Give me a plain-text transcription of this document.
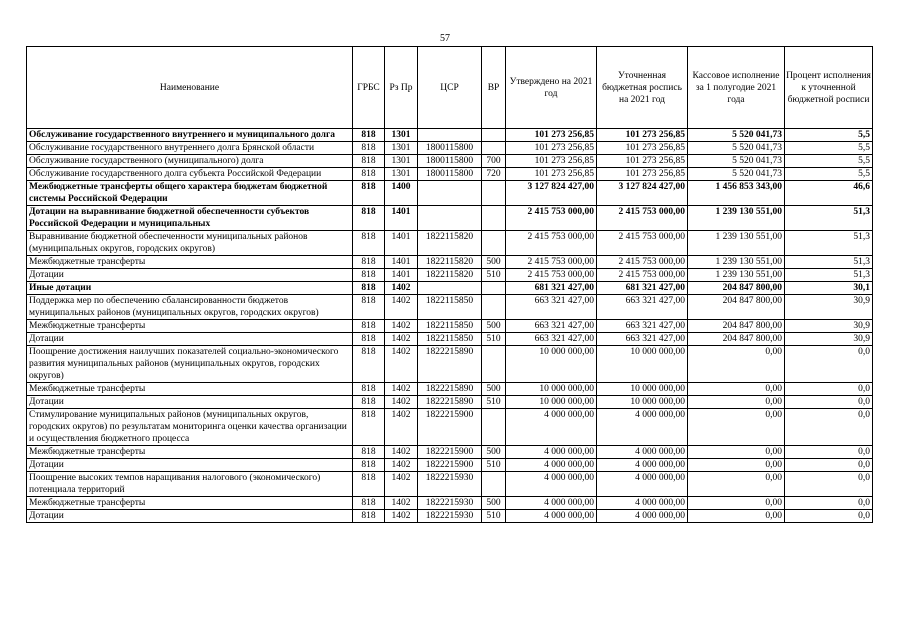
57
Наименование	ГРБС	Рз Пр	ЦСР	ВР	Утверждено на 2021 год	Уточненная бюджетная роспись на 2021 год	Кассовое исполнение за 1 полугодие 2021 года	Процент исполнения к уточненной бюджетной росписи
Обслуживание государственного внутреннего и муниципального долга	818	1301			101 273 256,85	101 273 256,85	5 520 041,73	5,5
Обслуживание государственного внутреннего долга Брянской области	818	1301	1800115800		101 273 256,85	101 273 256,85	5 520 041,73	5,5
Обслуживание государственного (муниципального) долга	818	1301	1800115800	700	101 273 256,85	101 273 256,85	5 520 041,73	5,5
Обслуживание государственного долга субъекта Российской Федерации	818	1301	1800115800	720	101 273 256,85	101 273 256,85	5 520 041,73	5,5
Межбюджетные трансферты общего характера бюджетам бюджетной системы Российской Федерации	818	1400			3 127 824 427,00	3 127 824 427,00	1 456 853 343,00	46,6
Дотации на выравнивание бюджетной обеспеченности субъектов Российской Федерации и муниципальных	818	1401			2 415 753 000,00	2 415 753 000,00	1 239 130 551,00	51,3
Выравнивание бюджетной обеспеченности муниципальных районов (муниципальных округов, городских округов)	818	1401	1822115820		2 415 753 000,00	2 415 753 000,00	1 239 130 551,00	51,3
Межбюджетные трансферты	818	1401	1822115820	500	2 415 753 000,00	2 415 753 000,00	1 239 130 551,00	51,3
Дотации	818	1401	1822115820	510	2 415 753 000,00	2 415 753 000,00	1 239 130 551,00	51,3
Иные дотации	818	1402			681 321 427,00	681 321 427,00	204 847 800,00	30,1
Поддержка мер по обеспечению сбалансированности бюджетов муниципальных районов (муниципальных округов, городских округов)	818	1402	1822115850		663 321 427,00	663 321 427,00	204 847 800,00	30,9
Межбюджетные трансферты	818	1402	1822115850	500	663 321 427,00	663 321 427,00	204 847 800,00	30,9
Дотации	818	1402	1822115850	510	663 321 427,00	663 321 427,00	204 847 800,00	30,9
Поощрение достижения наилучших показателей социально-экономического развития муниципальных районов (муниципальных округов, городских округов)	818	1402	1822215890		10 000 000,00	10 000 000,00	0,00	0,0
Межбюджетные трансферты	818	1402	1822215890	500	10 000 000,00	10 000 000,00	0,00	0,0
Дотации	818	1402	1822215890	510	10 000 000,00	10 000 000,00	0,00	0,0
Стимулирование муниципальных районов (муниципальных округов, городских округов) по результатам мониторинга оценки качества организации и осуществления бюджетного процесса	818	1402	1822215900		4 000 000,00	4 000 000,00	0,00	0,0
Межбюджетные трансферты	818	1402	1822215900	500	4 000 000,00	4 000 000,00	0,00	0,0
Дотации	818	1402	1822215900	510	4 000 000,00	4 000 000,00	0,00	0,0
Поощрение высоких темпов наращивания налогового (экономического) потенциала территорий	818	1402	1822215930		4 000 000,00	4 000 000,00	0,00	0,0
Межбюджетные трансферты	818	1402	1822215930	500	4 000 000,00	4 000 000,00	0,00	0,0
Дотации	818	1402	1822215930	510	4 000 000,00	4 000 000,00	0,00	0,0
